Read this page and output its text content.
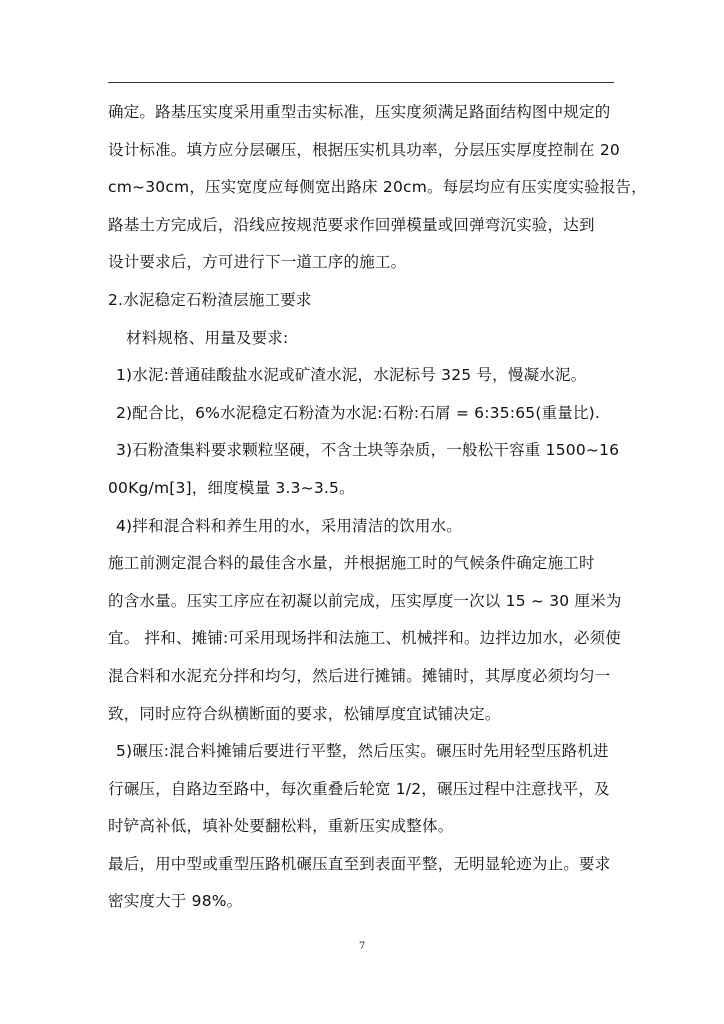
确定。路基压实度采用重型击实标准，压实度须满足路面结构图中规定的
设计标准。填方应分层碾压，根据压实机具功率，分层压实厚度控制在 20
cm~30cm，压实宽度应每侧宽出路床 20cm。每层均应有压实度实验报告，
路基土方完成后，沿线应按规范要求作回弹模量或回弹弯沉实验，达到
设计要求后，方可进行下一道工序的施工。
2.水泥稳定石粉渣层施工要求
材料规格、用量及要求:
1)水泥:普通硅酸盐水泥或矿渣水泥，水泥标号 325 号，慢凝水泥。
2)配合比，6%水泥稳定石粉渣为水泥:石粉:石屑 = 6:35:65(重量比).
3)石粉渣集料要求颗粒坚硬，不含土块等杂质，一般松干容重 1500~16
00Kg/m[3]，细度模量 3.3~3.5。
4)拌和混合料和养生用的水，采用清洁的饮用水。
施工前测定混合料的最佳含水量，并根据施工时的气候条件确定施工时
的含水量。压实工序应在初凝以前完成，压实厚度一次以 15 ~ 30 厘米为
宜。 拌和、摊铺:可采用现场拌和法施工、机械拌和。边拌边加水，必须使
混合料和水泥充分拌和均匀，然后进行摊铺。摊铺时，其厚度必须均匀一
致，同时应符合纵横断面的要求，松铺厚度宜试铺决定。
5)碾压:混合料摊铺后要进行平整，然后压实。碾压时先用轻型压路机进
行碾压，自路边至路中，每次重叠后轮宽 1/2，碾压过程中注意找平，及
时铲高补低，填补处要翻松料，重新压实成整体。
最后，用中型或重型压路机碾压直至到表面平整，无明显轮迹为止。要求
密实度大于 98%。
7
